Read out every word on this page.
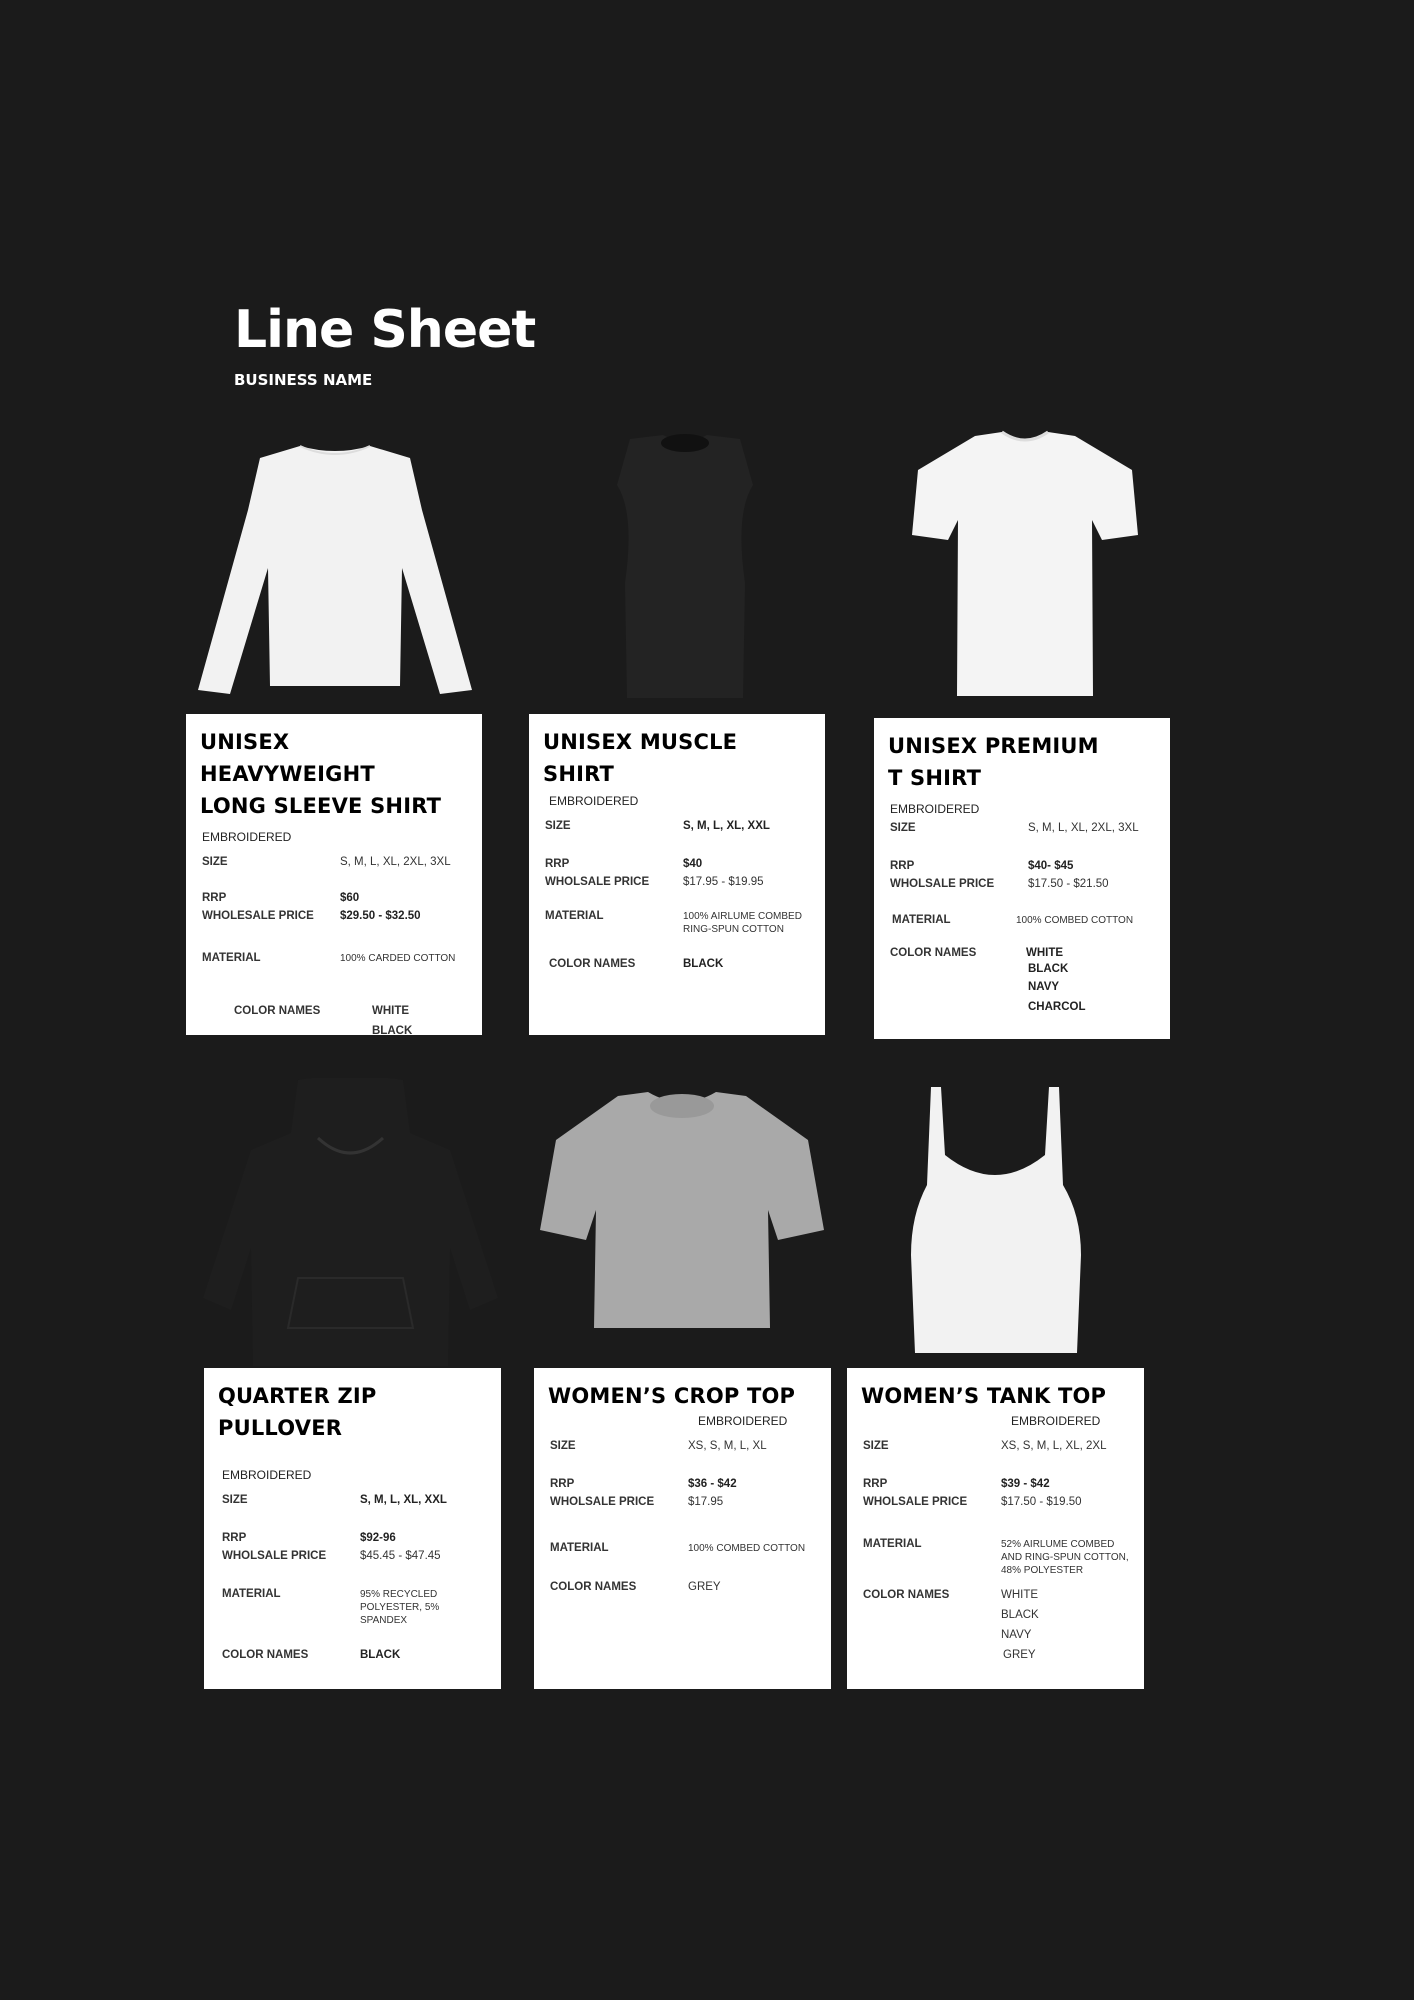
Line Sheet
BUSINESS NAME
UNISEX HEAVYWEIGHT
LONG SLEEVE SHIRT
EMBROIDERED
SIZE	S, M, L, XL, 2XL, 3XL
RRP	$60
WHOLESALE PRICE	$29.50 - $32.50
MATERIAL	100% CARDED COTTON
COLOR NAMES	WHITE
BLACK
UNISEX MUSCLE SHIRT
EMBROIDERED
SIZE	S, M, L, XL, XXL
RRP	$40
WHOLSALE PRICE	$17.95 - $19.95
MATERIAL	100% AIRLUME COMBED RING-SPUN COTTON
COLOR NAMES	BLACK
UNISEX PREMIUM
T SHIRT
EMBROIDERED
SIZE	S, M, L, XL, 2XL, 3XL
RRP	$40- $45
WHOLSALE PRICE	$17.50 - $21.50
MATERIAL	100% COMBED COTTON
COLOR NAMES	WHITE
BLACK
NAVY
CHARCOL
QUARTER ZIP PULLOVER
EMBROIDERED
SIZE	S, M, L, XL, XXL
RRP	$92-96
WHOLSALE PRICE	$45.45 - $47.45
MATERIAL	95% RECYCLED POLYESTER, 5% SPANDEX
COLOR NAMES	BLACK
WOMEN’S CROP TOP
EMBROIDERED
SIZE	XS, S, M, L, XL
RRP	$36 - $42
WHOLSALE PRICE	$17.95
MATERIAL	100% COMBED COTTON
COLOR NAMES	GREY
WOMEN’S TANK TOP
EMBROIDERED
SIZE	XS, S, M, L, XL, 2XL
RRP	$39 - $42
WHOLSALE PRICE	$17.50 - $19.50
MATERIAL	52% AIRLUME COMBED AND RING-SPUN COTTON, 48% POLYESTER
COLOR NAMES	WHITE
BLACK
NAVY
GREY
